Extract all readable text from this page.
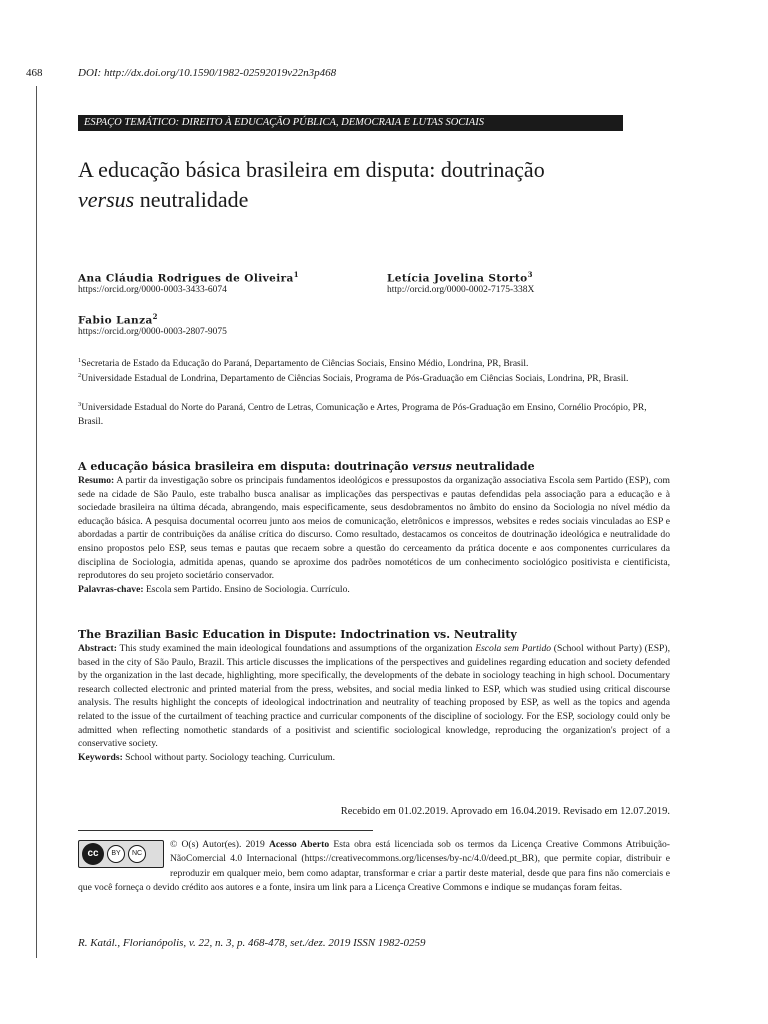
468	DOI: http://dx.doi.org/10.1590/1982-02592019v22n3p468
ESPAÇO TEMÁTICO: DIREITO À EDUCAÇÃO PÚBLICA, DEMOCRAIA E LUTAS SOCIAIS
A educação básica brasileira em disputa: doutrinação
versus neutralidade
Ana Cláudia Rodrigues de Oliveira$^1$
https://orcid.org/0000-0003-3433-6074
Letícia Jovelina Storto$^3$
http://orcid.org/0000-0002-7175-338X
Fabio Lanza$^2$
https://orcid.org/0000-0003-2807-9075
$^1$Secretaria de Estado da Educação do Paraná, Departamento de Ciências Sociais, Ensino Médio, Londrina, PR, Brasil.
$^2$Universidade Estadual de Londrina, Departamento de Ciências Sociais, Programa de Pós-Graduação em Ciências Sociais, Londrina, PR, Brasil.
$^3$Universidade Estadual do Norte do Paraná, Centro de Letras, Comunicação e Artes, Programa de Pós-Graduação em Ensino, Cornélio Procópio, PR, Brasil.
A educação básica brasileira em disputa: doutrinação versus neutralidade

Resumo: A partir da investigação sobre os principais fundamentos ideológicos e pressupostos da organização associativa Escola sem Partido (ESP), com sede na cidade de São Paulo, este trabalho busca analisar as implicações das perspectivas e pautas defendidas pela associação para a educação e à sociedade brasileira na última década, abrangendo, mais especificamente, seus desdobramentos no âmbito do ensino da Sociologia no nível médio da educação básica. A pesquisa documental ocorreu junto aos meios de comunicação, eletrônicos e impressos, websites e redes sociais vinculadas ao ESP e abordadas a partir de contribuições da análise crítica do discurso. Como resultado, destacamos os conceitos de doutrinação ideológica e neutralidade do ensino propostos pelo ESP, seus temas e pautas que recaem sobre a questão do cerceamento da prática docente e aos componentes curriculares da disciplina de Sociologia, admitida apenas, quando se aproxime dos padrões nomotéticos de um conhecimento sociológico positivista e cientificista, reprodutores do seu projeto societário conservador.

Palavras-chave: Escola sem Partido. Ensino de Sociologia. Currículo.

The Brazilian Basic Education in Dispute: Indoctrination vs. Neutrality

Abstract: This study examined the main ideological foundations and assumptions of the organization Escola sem Partido (School without Party) (ESP), based in the city of São Paulo, Brazil. This article discusses the implications of the perspectives and guidelines regarding education and society defended by the organization in the last decade, highlighting, more specifically, the developments of the debate in sociology teaching in high school. Documentary research collected electronic and printed material from the press, websites, and social media linked to ESP, which was studied using critical discourse analysis. The results highlight the concepts of ideological indoctrination and neutrality of teaching proposed by ESP, as well as the topics and agenda related to the issue of the curtailment of teaching practice and curricular components of the discipline of sociology. For the ESP, sociology could only be admitted when reflecting nomothetic standards of a positivist and scientific sociological knowledge, reproducing the organization's project of a conservative society.

Keywords: School without party. Sociology teaching. Curriculum.

Recebido em 01.02.2019. Aprovado em 16.04.2019. Revisado em 12.07.2019.
cc	BY	NC
© O(s) Autor(es). 2019 Acesso Aberto Esta obra está licenciada sob os termos da Licença Creative Commons Atribuição-NãoComercial 4.0 Internacional (https://creativecommons.org/licenses/by-nc/4.0/deed.pt_BR), que permite copiar, distribuir e reproduzir em qualquer meio, bem como adaptar, transformar e criar a partir deste material, desde que para fins não comerciais e que você forneça o devido crédito aos autores e a fonte, insira um link para a Licença Creative Commons e indique se mudanças foram feitas.
R. Katál., Florianópolis, v. 22, n. 3, p. 468-478, set./dez. 2019 ISSN 1982-0259
